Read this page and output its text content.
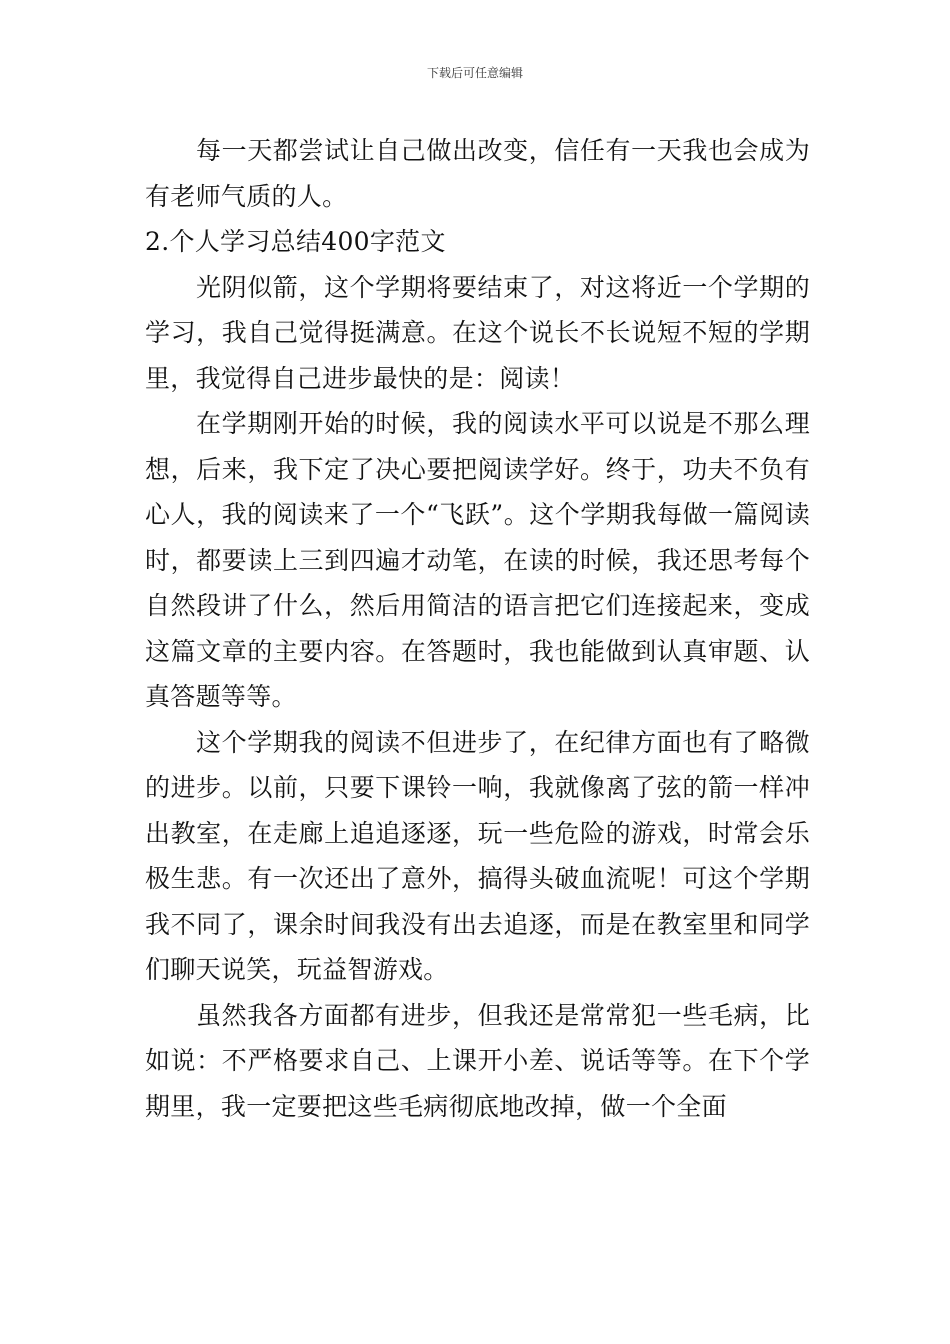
下载后可任意编辑

每一天都尝试让自己做出改变，信任有一天我也会成为有老师气质的人。

2.个人学习总结400字范文

光阴似箭，这个学期将要结束了，对这将近一个学期的学习，我自己觉得挺满意。在这个说长不长说短不短的学期里，我觉得自己进步最快的是：阅读！

在学期刚开始的时候，我的阅读水平可以说是不那么理想，后来，我下定了决心要把阅读学好。终于，功夫不负有心人，我的阅读来了一个“飞跃”。这个学期我每做一篇阅读时，都要读上三到四遍才动笔，在读的时候，我还思考每个自然段讲了什么，然后用简洁的语言把它们连接起来，变成这篇文章的主要内容。在答题时，我也能做到认真审题、认真答题等等。

这个学期我的阅读不但进步了，在纪律方面也有了略微的进步。以前，只要下课铃一响，我就像离了弦的箭一样冲出教室，在走廊上追追逐逐，玩一些危险的游戏，时常会乐极生悲。有一次还出了意外，搞得头破血流呢！可这个学期我不同了，课余时间我没有出去追逐，而是在教室里和同学们聊天说笑，玩益智游戏。

虽然我各方面都有进步，但我还是常常犯一些毛病，比如说：不严格要求自己、上课开小差、说话等等。在下个学期里，我一定要把这些毛病彻底地改掉，做一个全面
